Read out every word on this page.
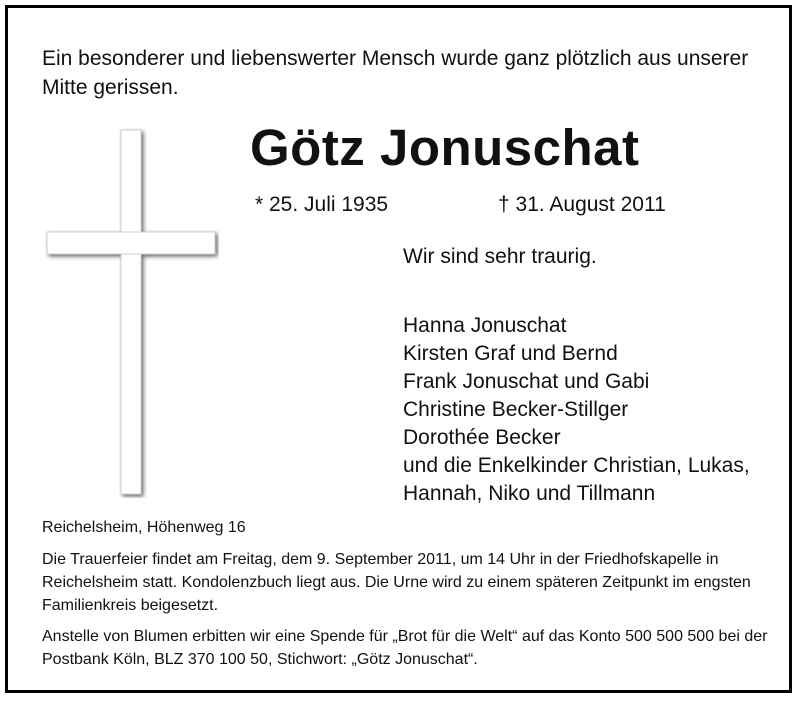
Ein besonderer und liebenswerter Mensch wurde ganz plötzlich aus unserer Mitte gerissen.
Götz Jonuschat
* 25. Juli 1935	† 31. August 2011
Wir sind sehr traurig.
Hanna Jonuschat
Kirsten Graf und Bernd
Frank Jonuschat und Gabi
Christine Becker-Stillger
Dorothée Becker
und die Enkelkinder Christian, Lukas,
Hannah, Niko und Tillmann
Reichelsheim, Höhenweg 16
Die Trauerfeier findet am Freitag, dem 9. September 2011, um 14 Uhr in der Friedhofskapelle in Reichelsheim statt. Kondolenzbuch liegt aus. Die Urne wird zu einem späteren Zeitpunkt im engsten Familienkreis beigesetzt.
Anstelle von Blumen erbitten wir eine Spende für „Brot für die Welt“ auf das Konto 500 500 500 bei der Postbank Köln, BLZ 370 100 50, Stichwort: „Götz Jonuschat“.
